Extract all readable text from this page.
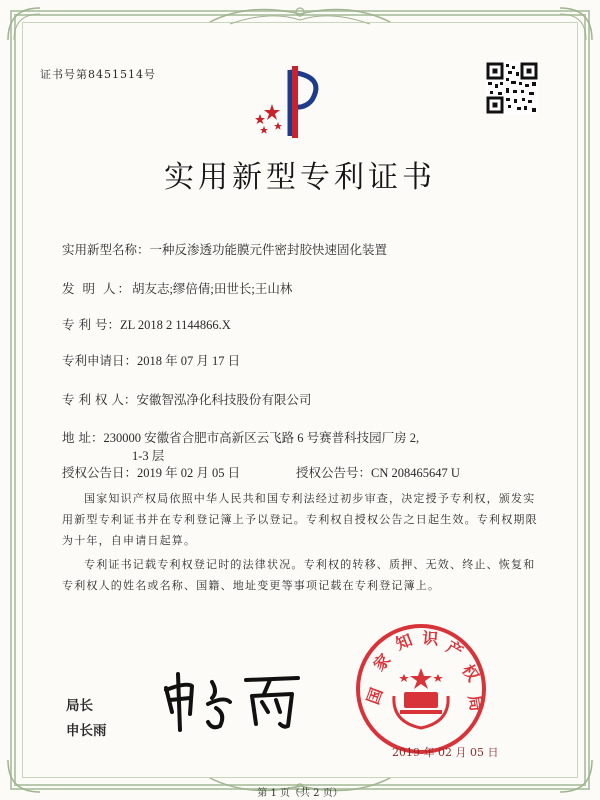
证书号第8451514号
实用新型专利证书
实用新型名称：一种反渗透功能膜元件密封胶快速固化装置
发 明 人：胡友志;缪倍倩;田世长;王山林
专 利 号：ZL 2018 2 1144866.X
专利申请日：2018 年 07 月 17 日
专 利 权 人：安徽智泓净化科技股份有限公司
地 址：230000 安徽省合肥市高新区云飞路 6 号赛普科技园厂房 2,
1-3 层
授权公告日：2019 年 02 月 05 日	授权公告号：CN 208465647 U
国家知识产权局依照中华人民共和国专利法经过初步审查，决定授予专利权，颁发实用新型专利证书并在专利登记簿上予以登记。专利权自授权公告之日起生效。专利权期限为十年，自申请日起算。
专利证书记载专利权登记时的法律状况。专利权的转移、质押、无效、终止、恢复和专利权人的姓名或名称、国籍、地址变更等事项记载在专利登记簿上。
局长
申长雨
国
家
知 识 产
权
局
2019 年 02 月 05 日
第 1 页（共 2 页）
